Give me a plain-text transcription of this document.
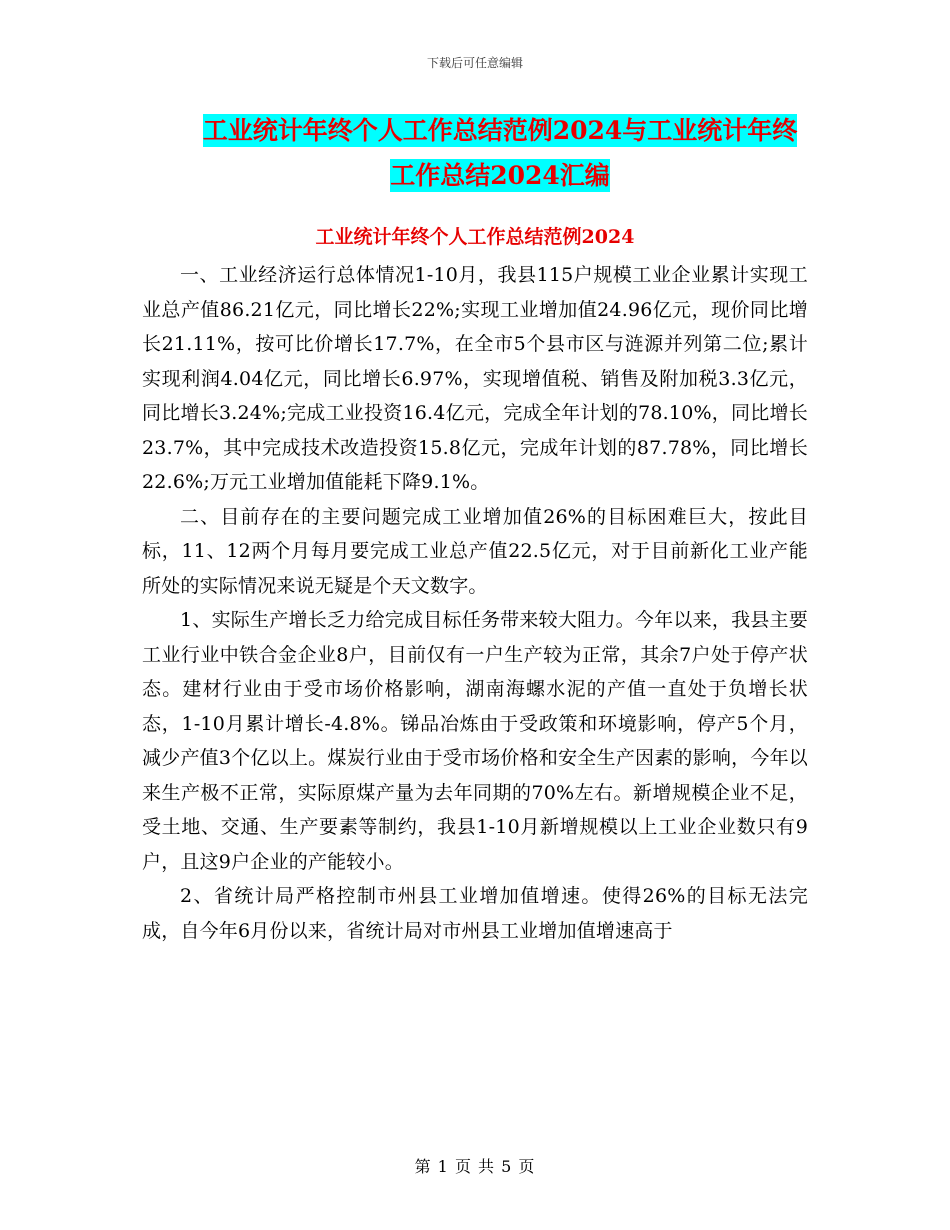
下载后可任意编辑
工业统计年终个人工作总结范例2024与工业统计年终
工作总结2024汇编
工业统计年终个人工作总结范例2024

一、工业经济运行总体情况1-10月，我县115户规模工业企业累计实现工业总产值86.21亿元，同比增长22%;实现工业增加值24.96亿元，现价同比增长21.11%，按可比价增长17.7%，在全市5个县市区与涟源并列第二位;累计实现利润4.04亿元，同比增长6.97%，实现增值税、销售及附加税3.3亿元，同比增长3.24%;完成工业投资16.4亿元，完成全年计划的78.10%，同比增长23.7%，其中完成技术改造投资15.8亿元，完成年计划的87.78%，同比增长22.6%;万元工业增加值能耗下降9.1%。

二、目前存在的主要问题完成工业增加值26%的目标困难巨大，按此目标，11、12两个月每月要完成工业总产值22.5亿元，对于目前新化工业产能所处的实际情况来说无疑是个天文数字。

1、实际生产增长乏力给完成目标任务带来较大阻力。今年以来，我县主要工业行业中铁合金企业8户，目前仅有一户生产较为正常，其余7户处于停产状态。建材行业由于受市场价格影响，湖南海螺水泥的产值一直处于负增长状态，1-10月累计增长-4.8%。锑品冶炼由于受政策和环境影响，停产5个月，减少产值3个亿以上。煤炭行业由于受市场价格和安全生产因素的影响，今年以来生产极不正常，实际原煤产量为去年同期的70%左右。新增规模企业不足，受土地、交通、生产要素等制约，我县1-10月新增规模以上工业企业数只有9户，且这9户企业的产能较小。

2、省统计局严格控制市州县工业增加值增速。使得26%的目标无法完成，自今年6月份以来，省统计局对市州县工业增加值增速高于

第 1 页 共 5 页
